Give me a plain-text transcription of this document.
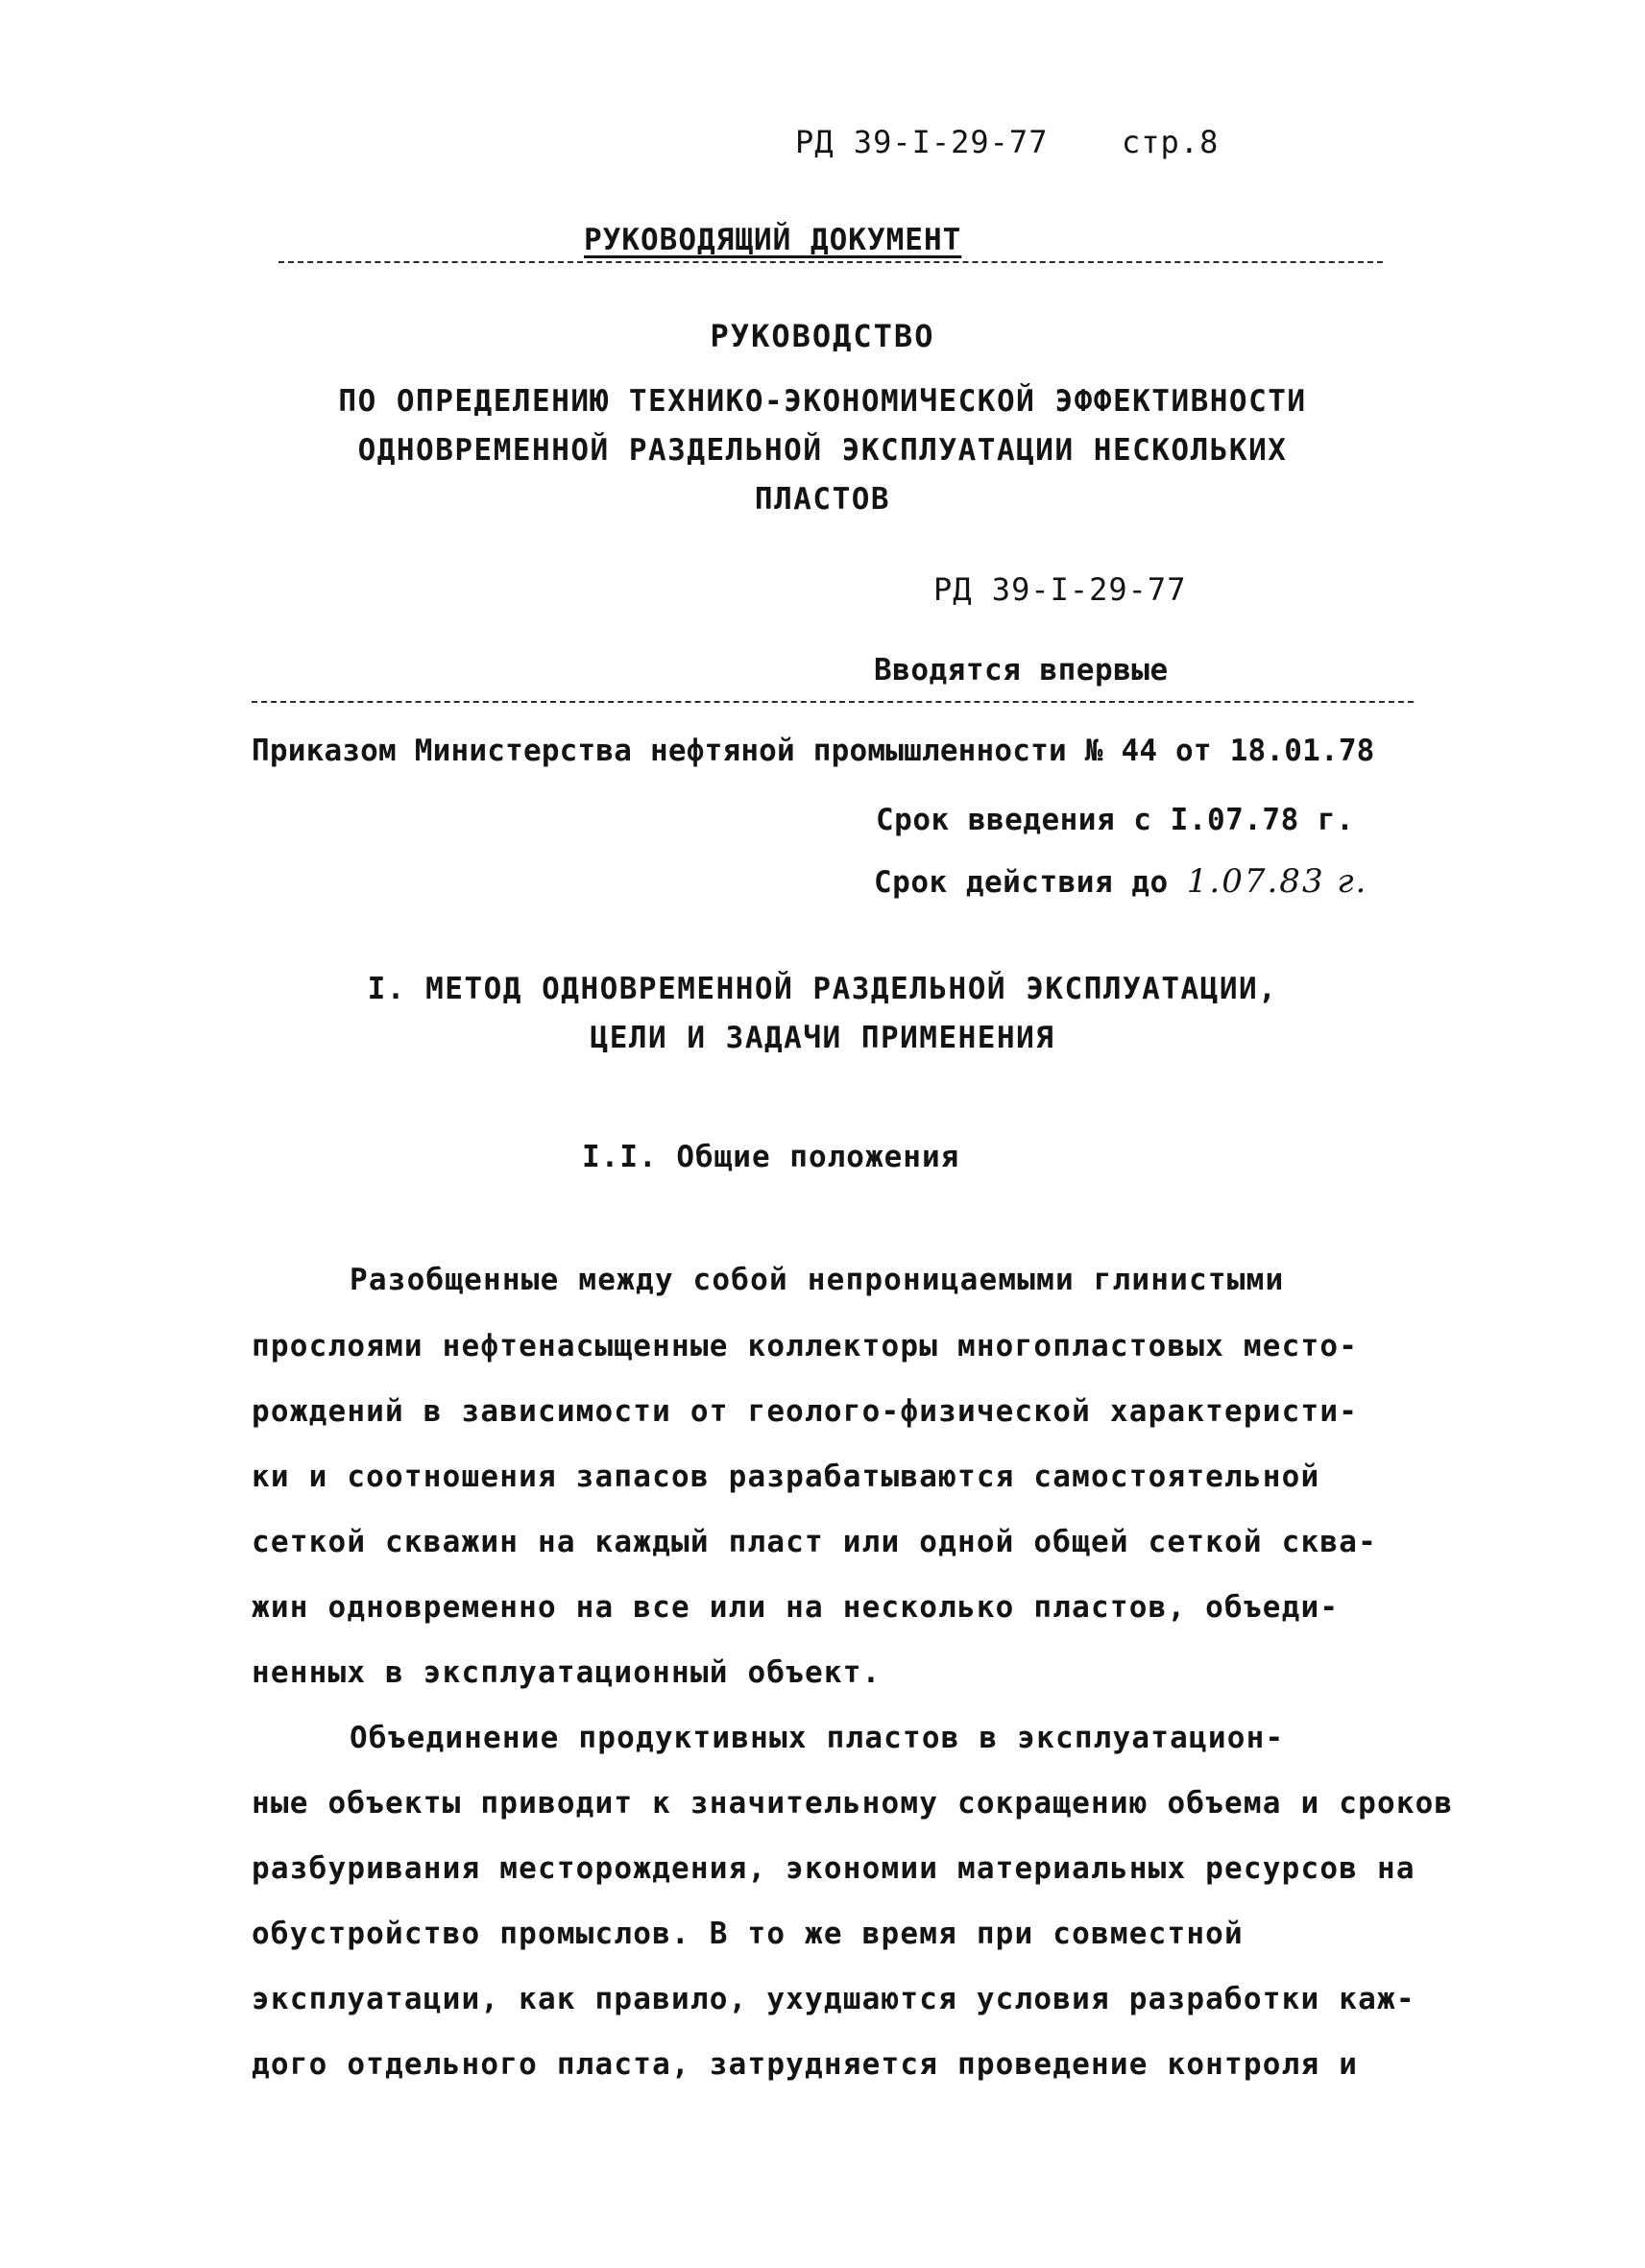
РД 39-I-29-77 стр.8
РУКОВОДЯЩИЙ ДОКУМЕНТ
РУКОВОДСТВО
ПО ОПРЕДЕЛЕНИЮ ТЕХНИКО-ЭКОНОМИЧЕСКОЙ ЭФФЕКТИВНОСТИ
ОДНОВРЕМЕННОЙ РАЗДЕЛЬНОЙ ЭКСПЛУАТАЦИИ НЕСКОЛЬКИХ
ПЛАСТОВ
РД 39-I-29-77
Вводятся впервые
Приказом Министерства нефтяной промышленности № 44 от 18.01.78
Срок введения с I.07.78 г.
Срок действия до 1.07.83 г.
I. МЕТОД ОДНОВРЕМЕННОЙ РАЗДЕЛЬНОЙ ЭКСПЛУАТАЦИИ,
ЦЕЛИ И ЗАДАЧИ ПРИМЕНЕНИЯ
I.I. Общие положения
Разобщенные между собой непроницаемыми глинистыми
прослоями нефтенасыщенные коллекторы многопластовых место-
рождений в зависимости от геолого-физической характеристи-
ки и соотношения запасов разрабатываются самостоятельной
сеткой скважин на каждый пласт или одной общей сеткой сква-
жин одновременно на все или на несколько пластов, объеди-
ненных в эксплуатационный объект.
Объединение продуктивных пластов в эксплуатацион-
ные объекты приводит к значительному сокращению объема и сроков
разбуривания месторождения, экономии материальных ресурсов на
обустройство промыслов. В то же время при совместной
эксплуатации, как правило, ухудшаются условия разработки каж-
дого отдельного пласта, затрудняется проведение контроля и
